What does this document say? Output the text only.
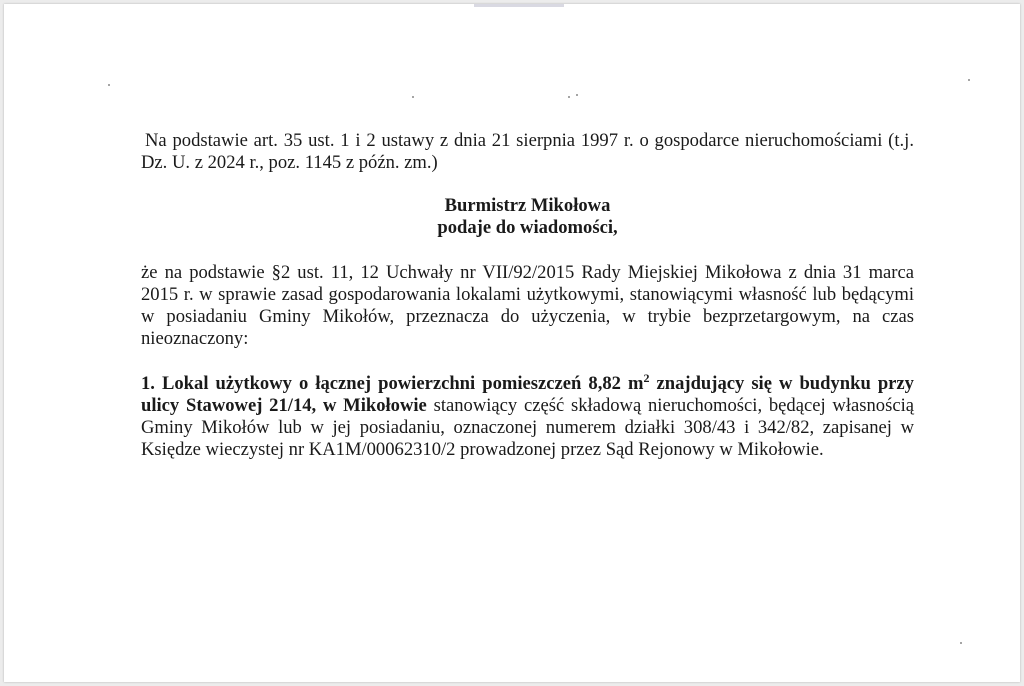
Na podstawie art. 35 ust. 1 i 2 ustawy z dnia 21 sierpnia 1997 r. o gospodarce nieruchomościami (t.j. Dz. U. z 2024 r., poz. 1145 z późn. zm.)

Burmistrz Mikołowa
podaje do wiadomości,

że na podstawie §2 ust. 11, 12 Uchwały nr VII/92/2015 Rady Miejskiej Mikołowa z dnia 31 marca 2015 r. w sprawie zasad gospodarowania lokalami użytkowymi, stanowiącymi własność lub będącymi w posiadaniu Gminy Mikołów, przeznacza do użyczenia, w trybie bezprzetargowym, na czas nieoznaczony:

1. Lokal użytkowy o łącznej powierzchni pomieszczeń 8,82 $m^2$ znajdujący się w budynku przy ulicy Stawowej 21/14, w Mikołowie stanowiący część składową nieruchomości, będącej własnością Gminy Mikołów lub w jej posiadaniu, oznaczonej numerem działki 308/43 i 342/82, zapisanej w Księdze wieczystej nr KA1M/00062310/2 prowadzonej przez Sąd Rejonowy w Mikołowie.
